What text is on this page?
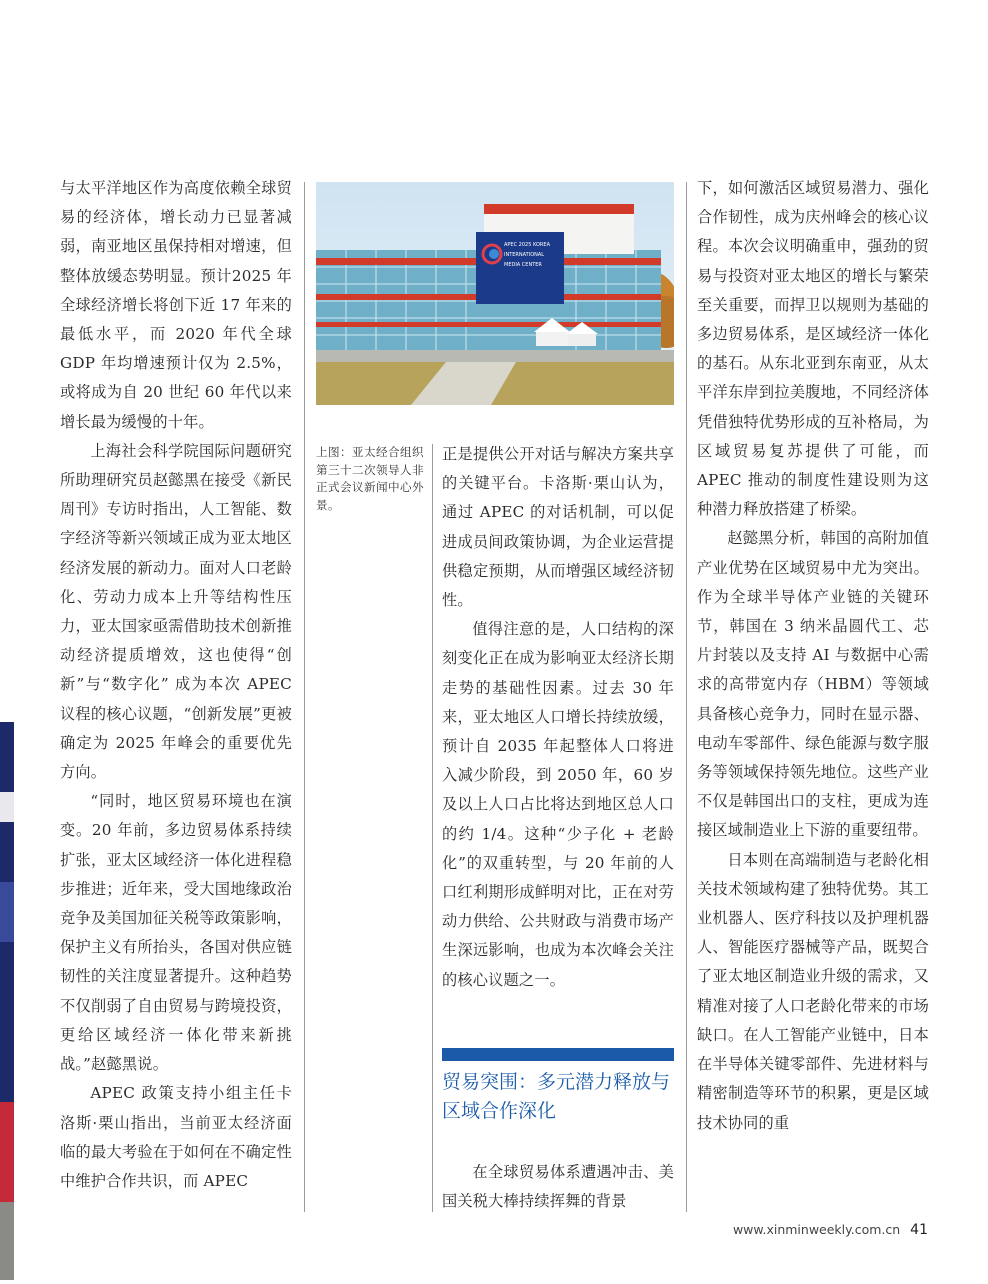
与太平洋地区作为高度依赖全球贸易的经济体，增长动力已显著减弱，南亚地区虽保持相对增速，但整体放缓态势明显。预计2025 年全球经济增长将创下近 17 年来的最低水平，而 2020 年代全球 GDP 年均增速预计仅为 2.5%，或将成为自 20 世纪 60 年代以来增长最为缓慢的十年。

上海社会科学院国际问题研究所助理研究员赵懿黑在接受《新民周刊》专访时指出，人工智能、数字经济等新兴领域正成为亚太地区经济发展的新动力。面对人口老龄化、劳动力成本上升等结构性压力，亚太国家亟需借助技术创新推动经济提质增效，这也使得“创新”与“数字化” 成为本次 APEC 议程的核心议题，“创新发展”更被确定为 2025 年峰会的重要优先方向。

“同时，地区贸易环境也在演变。20 年前，多边贸易体系持续扩张，亚太区域经济一体化进程稳步推进；近年来，受大国地缘政治竞争及美国加征关税等政策影响，保护主义有所抬头，各国对供应链韧性的关注度显著提升。这种趋势不仅削弱了自由贸易与跨境投资，更给区域经济一体化带来新挑战。”赵懿黑说。

APEC 政策支持小组主任卡洛斯·栗山指出，当前亚太经济面临的最大考验在于如何在不确定性中维护合作共识，而 APEC

APEC 2025 KOREA
INTERNATIONAL
MEDIA CENTER
上图：亚太经合组织第三十二次领导人非正式会议新闻中心外景。

正是提供公开对话与解决方案共享的关键平台。卡洛斯·栗山认为，通过 APEC 的对话机制，可以促进成员间政策协调，为企业运营提供稳定预期，从而增强区域经济韧性。

值得注意的是，人口结构的深刻变化正在成为影响亚太经济长期走势的基础性因素。过去 30 年来，亚太地区人口增长持续放缓，预计自 2035 年起整体人口将进入减少阶段，到 2050 年，60 岁及以上人口占比将达到地区总人口的约 1/4。这种“少子化 + 老龄化”的双重转型，与 20 年前的人口红利期形成鲜明对比，正在对劳动力供给、公共财政与消费市场产生深远影响，也成为本次峰会关注的核心议题之一。

贸易突围：多元潜力释放与区域合作深化

在全球贸易体系遭遇冲击、美国关税大棒持续挥舞的背景

下，如何激活区域贸易潜力、强化合作韧性，成为庆州峰会的核心议程。本次会议明确重申，强劲的贸易与投资对亚太地区的增长与繁荣至关重要，而捍卫以规则为基础的多边贸易体系，是区域经济一体化的基石。从东北亚到东南亚，从太平洋东岸到拉美腹地，不同经济体凭借独特优势形成的互补格局，为区域贸易复苏提供了可能，而 APEC 推动的制度性建设则为这种潜力释放搭建了桥梁。

赵懿黑分析，韩国的高附加值产业优势在区域贸易中尤为突出。作为全球半导体产业链的关键环节，韩国在 3 纳米晶圆代工、芯片封装以及支持 AI 与数据中心需求的高带宽内存（HBM）等领域具备核心竞争力，同时在显示器、电动车零部件、绿色能源与数字服务等领域保持领先地位。这些产业不仅是韩国出口的支柱，更成为连接区域制造业上下游的重要纽带。

日本则在高端制造与老龄化相关技术领域构建了独特优势。其工业机器人、医疗科技以及护理机器人、智能医疗器械等产品，既契合了亚太地区制造业升级的需求，又精准对接了人口老龄化带来的市场缺口。在人工智能产业链中，日本在半导体关键零部件、先进材料与精密制造等环节的积累，更是区域技术协同的重

www.xinminweekly.com.cn 41
